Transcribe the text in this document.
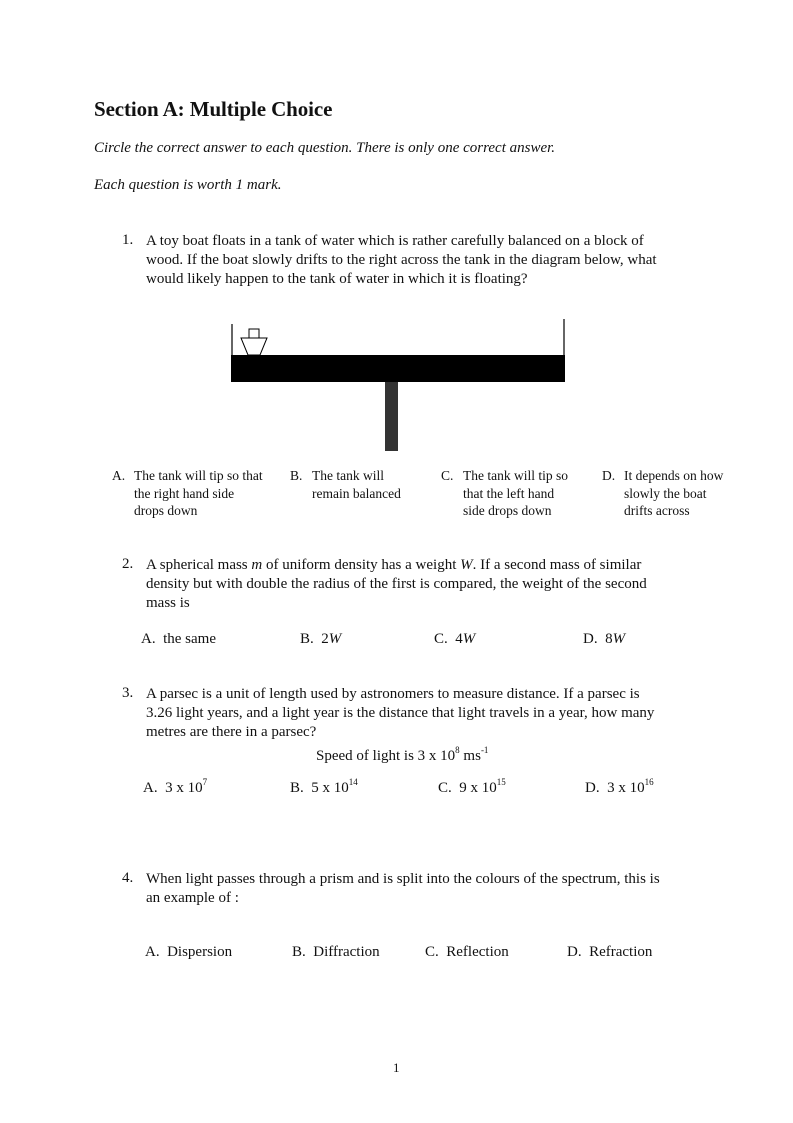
Section A: Multiple Choice
Circle the correct answer to each question. There is only one correct answer.
Each question is worth 1 mark.
1. A toy boat floats in a tank of water which is rather carefully balanced on a block of
wood. If the boat slowly drifts to the right across the tank in the diagram below, what
would likely happen to the tank of water in which it is floating?
A. The tank will tip so that
the right hand side
drops down
B. The tank will
remain balanced
C. The tank will tip so
that the left hand
side drops down
D. It depends on how
slowly the boat
drifts across
2. A spherical mass m of uniform density has a weight W. If a second mass of similar
density but with double the radius of the first is compared, the weight of the second
mass is
A. the same	B. 2W	C. 4W	D. 8W
3. A parsec is a unit of length used by astronomers to measure distance. If a parsec is
3.26 light years, and a light year is the distance that light travels in a year, how many
metres are there in a parsec?
Speed of light is 3 x $10^8$ $ms^{-1}$
A. 3 x $10^7$	B. 5 x $10^{14}$	C. 9 x $10^{15}$	D. 3 x $10^{16}$
4. When light passes through a prism and is split into the colours of the spectrum, this is
an example of :
A. Dispersion	B. Diffraction	C. Reflection	D. Refraction
1
